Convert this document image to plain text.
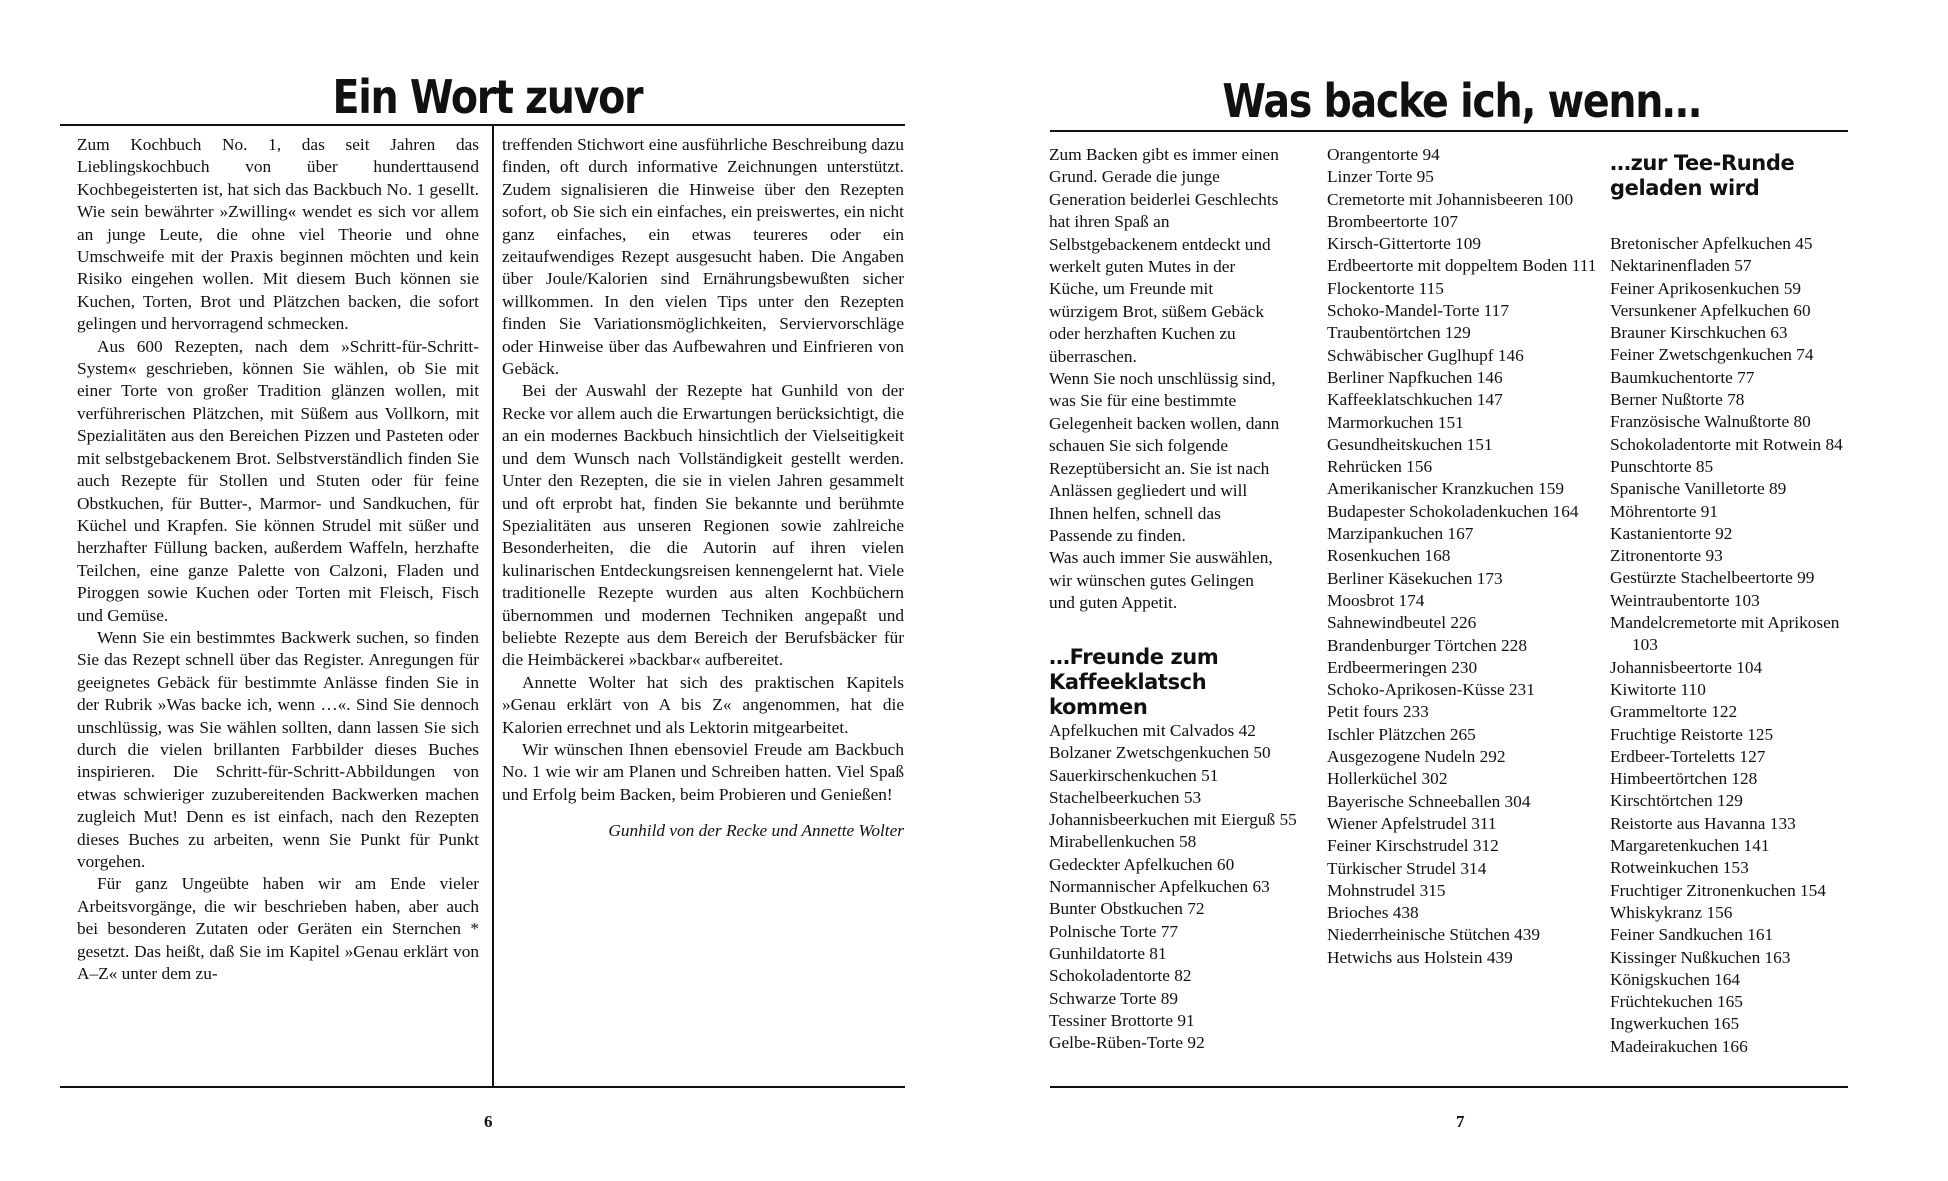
Ein Wort zuvor

Zum Kochbuch No. 1, das seit Jahren das Lieblingskochbuch von über hunderttausend Kochbegeisterten ist, hat sich das Backbuch No. 1 gesellt. Wie sein bewährter »Zwilling« wendet es sich vor allem an junge Leute, die ohne viel Theorie und ohne Umschweife mit der Praxis beginnen möchten und kein Risiko eingehen wollen. Mit diesem Buch können sie Kuchen, Torten, Brot und Plätzchen backen, die sofort gelingen und hervorragend schmecken.

Aus 600 Rezepten, nach dem »Schritt-für-Schritt-System« geschrieben, können Sie wählen, ob Sie mit einer Torte von großer Tradition glänzen wollen, mit verführerischen Plätzchen, mit Süßem aus Vollkorn, mit Spezialitäten aus den Bereichen Pizzen und Pasteten oder mit selbstgebackenem Brot. Selbstverständlich finden Sie auch Rezepte für Stollen und Stuten oder für feine Obstkuchen, für Butter-, Marmor- und Sandkuchen, für Küchel und Krapfen. Sie können Strudel mit süßer und herzhafter Füllung backen, außerdem Waffeln, herzhafte Teilchen, eine ganze Palette von Calzoni, Fladen und Piroggen sowie Kuchen oder Torten mit Fleisch, Fisch und Gemüse.

Wenn Sie ein bestimmtes Backwerk suchen, so finden Sie das Rezept schnell über das Register. Anregungen für geeignetes Gebäck für bestimmte Anlässe finden Sie in der Rubrik »Was backe ich, wenn …«. Sind Sie dennoch unschlüssig, was Sie wählen sollten, dann lassen Sie sich durch die vielen brillanten Farbbilder dieses Buches inspirieren. Die Schritt-für-Schritt-Abbildungen von etwas schwieriger zuzubereitenden Backwerken machen zugleich Mut! Denn es ist einfach, nach den Rezepten dieses Buches zu arbeiten, wenn Sie Punkt für Punkt vorgehen.

Für ganz Ungeübte haben wir am Ende vieler Arbeitsvorgänge, die wir beschrieben haben, aber auch bei besonderen Zutaten oder Geräten ein Sternchen * gesetzt. Das heißt, daß Sie im Kapitel »Genau erklärt von A–Z« unter dem zu-

treffenden Stichwort eine ausführliche Beschreibung dazu finden, oft durch informative Zeichnungen unterstützt. Zudem signalisieren die Hinweise über den Rezepten sofort, ob Sie sich ein einfaches, ein preiswertes, ein nicht ganz einfaches, ein etwas teureres oder ein zeitaufwendiges Rezept ausgesucht haben. Die Angaben über Joule/Kalorien sind Ernährungsbewußten sicher willkommen. In den vielen Tips unter den Rezepten finden Sie Variationsmöglichkeiten, Serviervorschläge oder Hinweise über das Aufbewahren und Einfrieren von Gebäck.

Bei der Auswahl der Rezepte hat Gunhild von der Recke vor allem auch die Erwartungen berücksichtigt, die an ein modernes Backbuch hinsichtlich der Vielseitigkeit und dem Wunsch nach Vollständigkeit gestellt werden. Unter den Rezepten, die sie in vielen Jahren gesammelt und oft erprobt hat, finden Sie bekannte und berühmte Spezialitäten aus unseren Regionen sowie zahlreiche Besonderheiten, die die Autorin auf ihren vielen kulinarischen Entdeckungsreisen kennengelernt hat. Viele traditionelle Rezepte wurden aus alten Kochbüchern übernommen und modernen Techniken angepaßt und beliebte Rezepte aus dem Bereich der Berufsbäcker für die Heimbäckerei »backbar« aufbereitet.

Annette Wolter hat sich des praktischen Kapitels »Genau erklärt von A bis Z« angenommen, hat die Kalorien errechnet und als Lektorin mitgearbeitet.

Wir wünschen Ihnen ebensoviel Freude am Backbuch No. 1 wie wir am Planen und Schreiben hatten. Viel Spaß und Erfolg beim Backen, beim Probieren und Genießen!

Gunhild von der Recke und Annette Wolter

6
Was backe ich, wenn…

Zum Backen gibt es immer einen Grund. Gerade die junge Generation beiderlei Geschlechts hat ihren Spaß an Selbstgebackenem entdeckt und werkelt guten Mutes in der Küche, um Freunde mit würzigem Brot, süßem Gebäck oder herzhaften Kuchen zu überraschen.

Wenn Sie noch unschlüssig sind, was Sie für eine bestimmte Gelegenheit backen wollen, dann schauen Sie sich folgende Rezeptübersicht an. Sie ist nach Anlässen gegliedert und will Ihnen helfen, schnell das Passende zu finden.

Was auch immer Sie auswählen, wir wünschen gutes Gelingen und guten Appetit.

…Freunde zum Kaffeeklatsch kommen
Apfelkuchen mit Calvados 42
Bolzaner Zwetschgenkuchen 50
Sauerkirschenkuchen 51
Stachelbeerkuchen 53
Johannisbeerkuchen mit Eierguß 55
Mirabellenkuchen 58
Gedeckter Apfelkuchen 60
Normannischer Apfelkuchen 63
Bunter Obstkuchen 72
Polnische Torte 77
Gunhildatorte 81
Schokoladentorte 82
Schwarze Torte 89
Tessiner Brottorte 91
Gelbe-Rüben-Torte 92
Orangentorte 94
Linzer Torte 95
Cremetorte mit Johannisbeeren 100
Brombeertorte 107
Kirsch-Gittertorte 109
Erdbeertorte mit doppeltem Boden 111
Flockentorte 115
Schoko-Mandel-Torte 117
Traubentörtchen 129
Schwäbischer Guglhupf 146
Berliner Napfkuchen 146
Kaffeeklatschkuchen 147
Marmorkuchen 151
Gesundheitskuchen 151
Rehrücken 156
Amerikanischer Kranzkuchen 159
Budapester Schokoladenkuchen 164
Marzipankuchen 167
Rosenkuchen 168
Berliner Käsekuchen 173
Moosbrot 174
Sahnewindbeutel 226
Brandenburger Törtchen 228
Erdbeermeringen 230
Schoko-Aprikosen-Küsse 231
Petit fours 233
Ischler Plätzchen 265
Ausgezogene Nudeln 292
Hollerküchel 302
Bayerische Schneeballen 304
Wiener Apfelstrudel 311
Feiner Kirschstrudel 312
Türkischer Strudel 314
Mohnstrudel 315
Brioches 438
Niederrheinische Stütchen 439
Hetwichs aus Holstein 439
…zur Tee-Runde geladen wird
Bretonischer Apfelkuchen 45
Nektarinenfladen 57
Feiner Aprikosenkuchen 59
Versunkener Apfelkuchen 60
Brauner Kirschkuchen 63
Feiner Zwetschgenkuchen 74
Baumkuchentorte 77
Berner Nußtorte 78
Französische Walnußtorte 80
Schokoladentorte mit Rotwein 84
Punschtorte 85
Spanische Vanilletorte 89
Möhrentorte 91
Kastanientorte 92
Zitronentorte 93
Gestürzte Stachelbeertorte 99
Weintraubentorte 103
Mandelcremetorte mit Aprikosen 103
Johannisbeertorte 104
Kiwitorte 110
Grammeltorte 122
Fruchtige Reistorte 125
Erdbeer-Torteletts 127
Himbeertörtchen 128
Kirschtörtchen 129
Reistorte aus Havanna 133
Margaretenkuchen 141
Rotweinkuchen 153
Fruchtiger Zitronenkuchen 154
Whiskykranz 156
Feiner Sandkuchen 161
Kissinger Nußkuchen 163
Königskuchen 164
Früchtekuchen 165
Ingwerkuchen 165
Madeirakuchen 166
7
